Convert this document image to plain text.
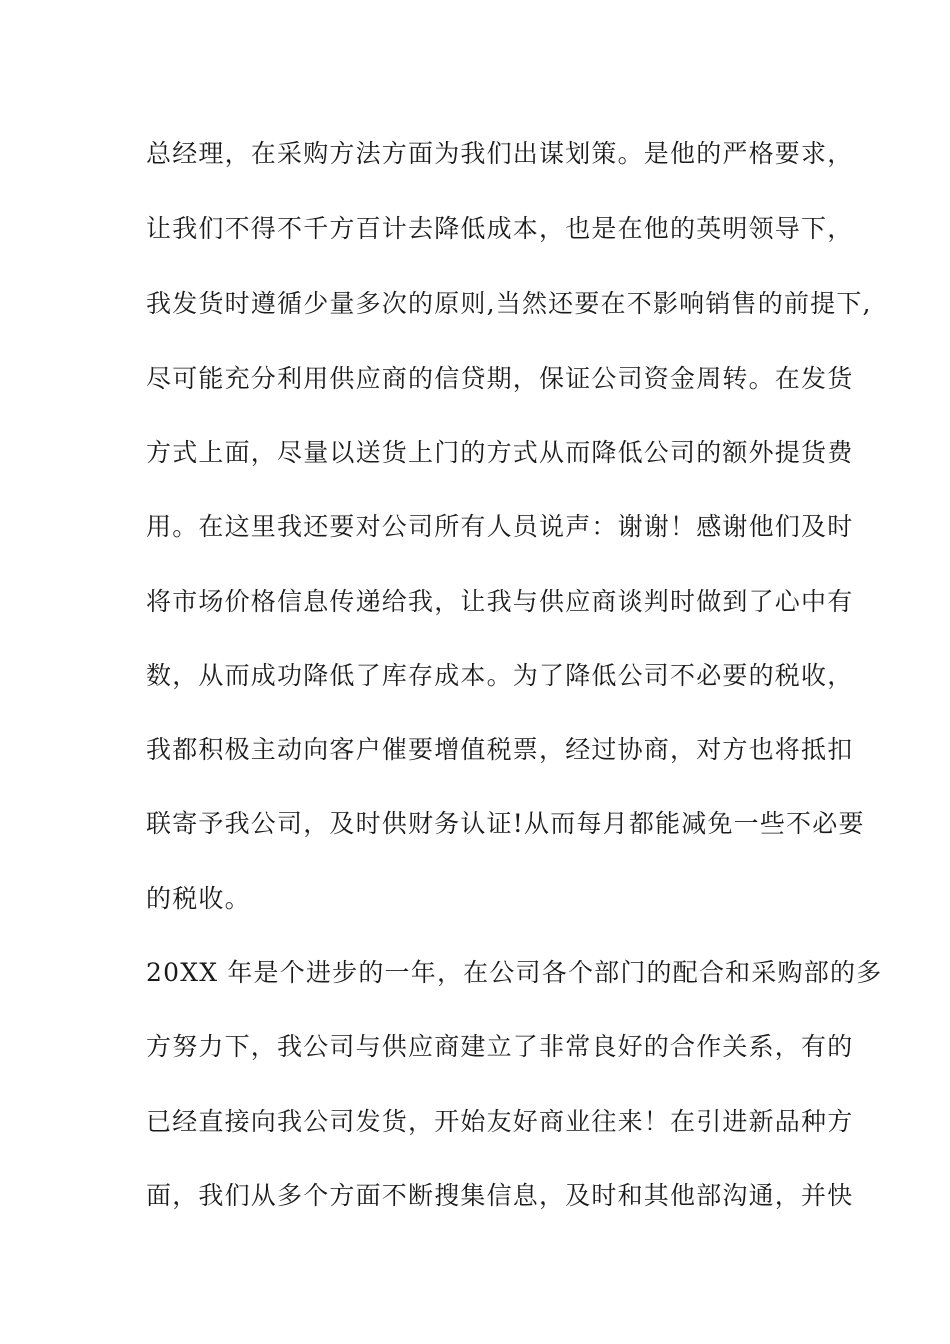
总经理，在采购方法方面为我们出谋划策。是他的严格要求，
让我们不得不千方百计去降低成本，也是在他的英明领导下，
我发货时遵循少量多次的原则,当然还要在不影响销售的前提下,
尽可能充分利用供应商的信贷期，保证公司资金周转。在发货
方式上面，尽量以送货上门的方式从而降低公司的额外提货费
用。在这里我还要对公司所有人员说声：谢谢！感谢他们及时
将市场价格信息传递给我，让我与供应商谈判时做到了心中有
数，从而成功降低了库存成本。为了降低公司不必要的税收，
我都积极主动向客户催要增值税票，经过协商，对方也将抵扣
联寄予我公司，及时供财务认证!从而每月都能减免一些不必要
的税收。
20XX 年是个进步的一年，在公司各个部门的配合和采购部的多
方努力下，我公司与供应商建立了非常良好的合作关系，有的
已经直接向我公司发货，开始友好商业往来！在引进新品种方
面，我们从多个方面不断搜集信息，及时和其他部沟通，并快
